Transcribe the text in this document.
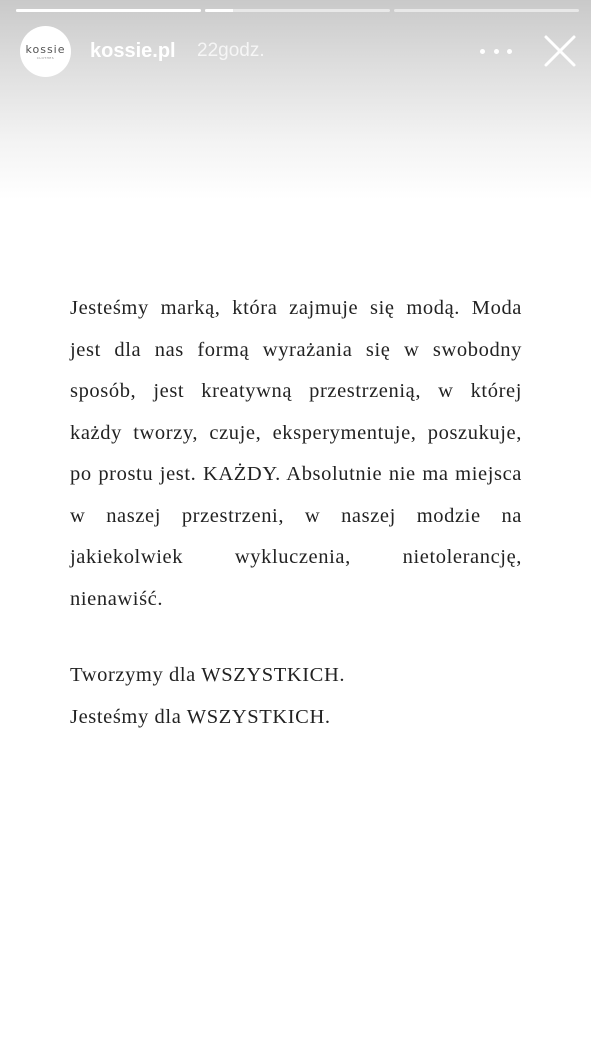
kossie
CLOTHES kossie.pl 22godz.

Jesteśmy marką, która zajmuje się modą. Moda jest dla nas formą wyrażania się w swobodny sposób, jest kreatywną przestrzenią, w której każdy tworzy, czuje, eksperymentuje, poszukuje, po prostu jest. KAŻDY. Absolutnie nie ma miejsca w naszej przestrzeni, w naszej modzie na jakiekolwiek wykluczenia, nietolerancję, nienawiść.

Tworzymy dla WSZYSTKICH.

Jesteśmy dla WSZYSTKICH.
